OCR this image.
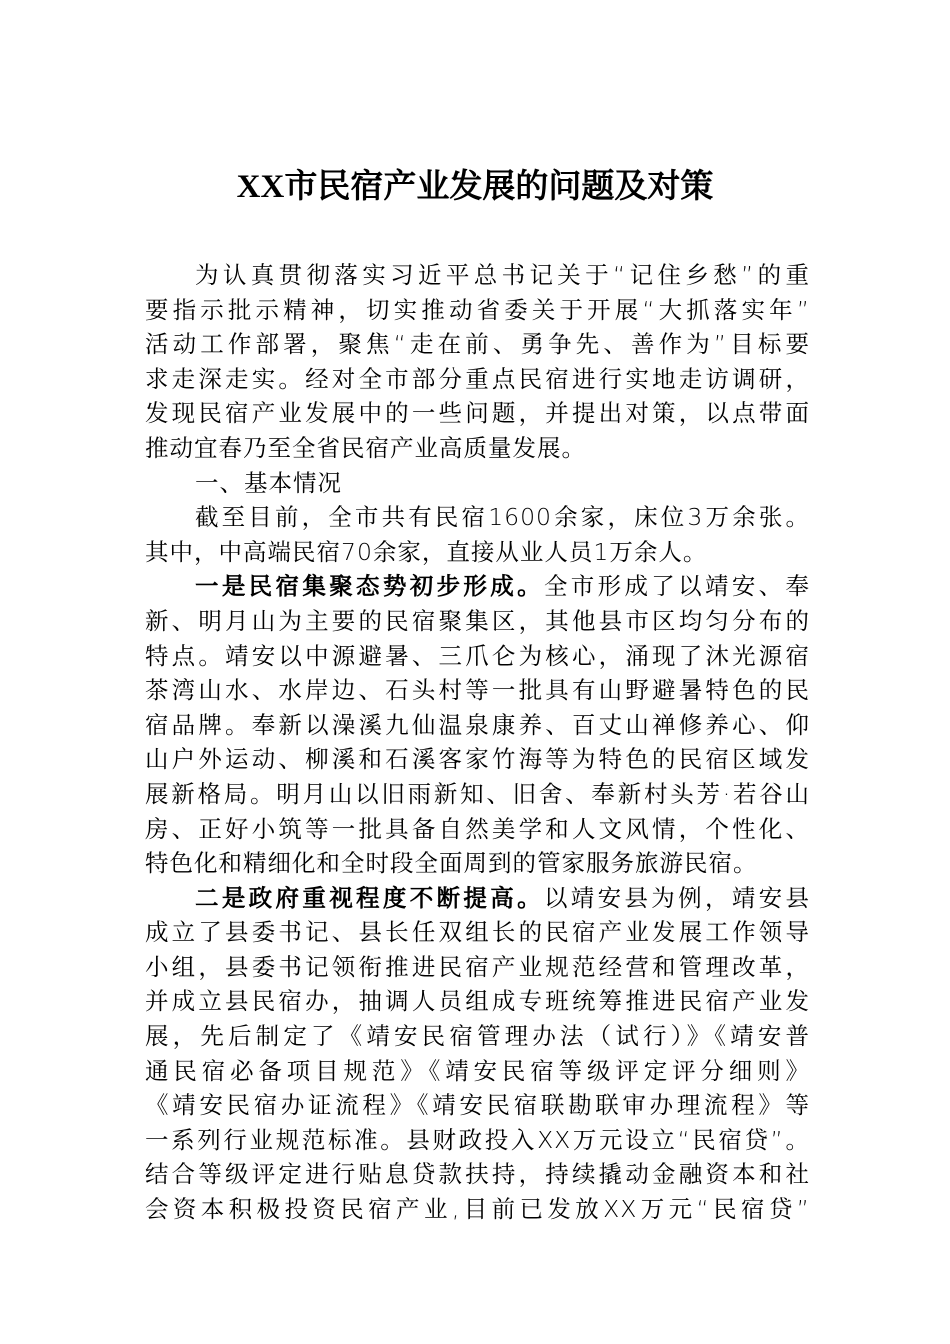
XX市民宿产业发展的问题及对策
为认真贯彻落实习近平总书记关于“记住乡愁”的重
要指示批示精神，切实推动省委关于开展“大抓落实年”
活动工作部署，聚焦“走在前、勇争先、善作为”目标要
求走深走实。经对全市部分重点民宿进行实地走访调研，
发现民宿产业发展中的一些问题，并提出对策，以点带面
推动宜春乃至全省民宿产业高质量发展。
一、基本情况
截至目前，全市共有民宿1600余家，床位3万余张。
其中，中高端民宿70余家，直接从业人员1万余人。
一是民宿集聚态势初步形成。全市形成了以靖安、奉
新、明月山为主要的民宿聚集区，其他县市区均匀分布的
特点。靖安以中源避暑、三爪仑为核心，涌现了沐光源宿
茶湾山水、水岸边、石头村等一批具有山野避暑特色的民
宿品牌。奉新以澡溪九仙温泉康养、百丈山禅修养心、仰
山户外运动、柳溪和石溪客家竹海等为特色的民宿区域发
展新格局。明月山以旧雨新知、旧舍、奉新村头芳·若谷山
房、正好小筑等一批具备自然美学和人文风情，个性化、
特色化和精细化和全时段全面周到的管家服务旅游民宿。
二是政府重视程度不断提高。以靖安县为例，靖安县
成立了县委书记、县长任双组长的民宿产业发展工作领导
小组，县委书记领衔推进民宿产业规范经营和管理改革，
并成立县民宿办，抽调人员组成专班统筹推进民宿产业发
展，先后制定了《靖安民宿管理办法（试行）》《靖安普
通民宿必备项目规范》《靖安民宿等级评定评分细则》
《靖安民宿办证流程》《靖安民宿联勘联审办理流程》等
一系列行业规范标准。县财政投入XX万元设立“民宿贷”。
结合等级评定进行贴息贷款扶持，持续撬动金融资本和社
会资本积极投资民宿产业,目前已发放XX万元“民宿贷”
